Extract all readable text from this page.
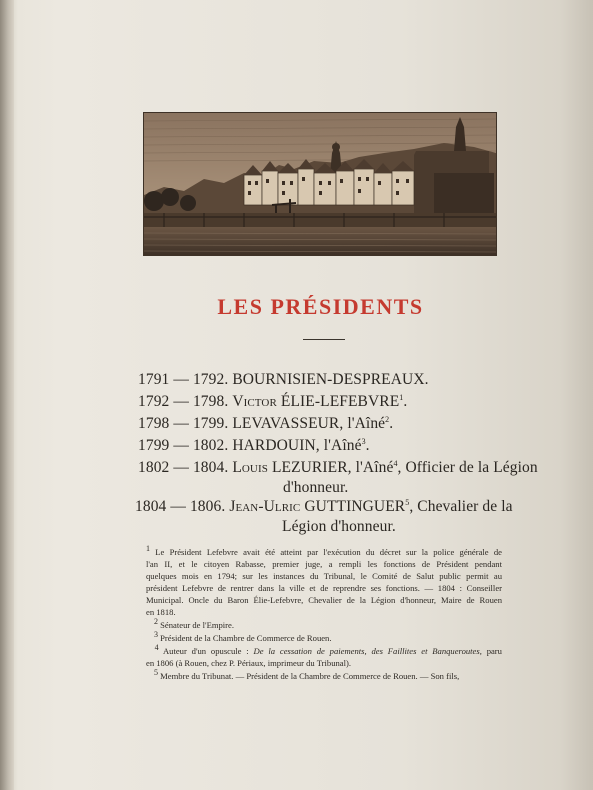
LES PRÉSIDENTS
1791 — 1792. BOURNISIEN-DESPREAUX.
1792 — 1798. Victor ÉLIE-LEFEBVRE$^1$.
1798 — 1799. LEVAVASSEUR, l'Aîné$^2$.
1799 — 1802. HARDOUIN, l'Aîné$^3$.
1802 — 1804. Louis LEZURIER, l'Aîné$^4$, Officier de la Légion
d'honneur.
1804 — 1806. Jean-Ulric GUTTINGUER$^5$, Chevalier de la
Légion d'honneur.
1 Le Président Lefebvre avait été atteint par l'exécution du décret sur la police générale de
l'an II, et le citoyen Rabasse, premier juge, a rempli les fonctions de Président pendant
quelques mois en 1794; sur les instances du Tribunal, le Comité de Salut public permit au
président Lefebvre de rentrer dans la ville et de reprendre ses fonctions. — 1804 : Conseiller
Municipal. Oncle du Baron Élie-Lefebvre, Chevalier de la Légion d'honneur, Maire de Rouen
en 1818.
2 Sénateur de l'Empire.
3 Président de la Chambre de Commerce de Rouen.
 4 Auteur d'un opuscule : De la cessation de paiements, des Faillites et Banqueroutes, paru
en 1806 (à Rouen, chez P. Périaux, imprimeur du Tribunal).
5 Membre du Tribunat. — Président de la Chambre de Commerce de Rouen. — Son fils,
